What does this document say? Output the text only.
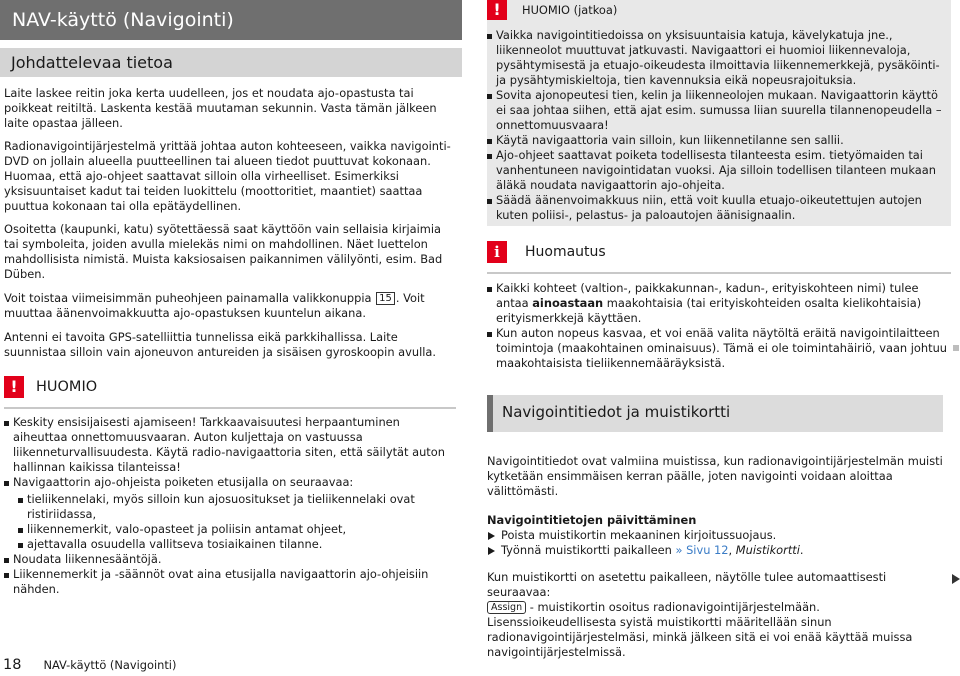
NAV-käyttö (Navigointi)
Johdattelevaa tietoa

Laite laskee reitin joka kerta uudelleen, jos et noudata ajo-opastusta tai poikkeat reitiltä. Laskenta kestää muutaman sekunnin. Vasta tämän jälkeen laite opastaa jälleen.

Radionavigointijärjestelmä yrittää johtaa auton kohteeseen, vaikka navigointi-DVD on jollain alueella puutteellinen tai alueen tiedot puuttuvat kokonaan. Huomaa, että ajo-ohjeet saattavat silloin olla virheelliset. Esimerkiksi yksisuuntaiset kadut tai teiden luokittelu (moottoritiet, maantiet) saattaa puuttua kokonaan tai olla epätäydellinen.

Osoitetta (kaupunki, katu) syötettäessä saat käyttöön vain sellaisia kirjaimia tai symboleita, joiden avulla mielekäs nimi on mahdollinen. Näet luettelon mahdollisista nimistä. Muista kaksiosaisen paikannimen välilyönti, esim. Bad Düben.

Voit toistaa viimeisimmän puheohjeen painamalla valikkonuppia 15 . Voit muuttaa äänenvoimakkuutta ajo-opastuksen kuuntelun aikana.

Antenni ei tavoita GPS-satelliittia tunnelissa eikä parkkihallissa. Laite suunnistaa silloin vain ajoneuvon antureiden ja sisäisen gyroskoopin avulla.

!	HUOMIO
Keskity ensisijaisesti ajamiseen! Tarkkaavaisuutesi herpaantuminen aiheuttaa onnettomuusvaaran. Auton kuljettaja on vastuussa liikenneturvallisuudesta. Käytä radio-navigaattoria siten, että säilytät auton hallinnan kaikissa tilanteissa!
Navigaattorin ajo-ohjeista poiketen etusijalla on seuraavaa:
tieliikennelaki, myös silloin kun ajosuositukset ja tieliikennelaki ovat ristiriidassa,
liikennemerkit, valo-opasteet ja poliisin antamat ohjeet,
ajettavalla osuudella vallitseva tosiaikainen tilanne.
Noudata liikennesääntöjä.
Liikennemerkit ja -säännöt ovat aina etusijalla navigaattorin ajo-ohjeisiin nähden.
!	HUOMIO (jatkoa)
Vaikka navigointitiedoissa on yksisuuntaisia katuja, kävelykatuja jne., liikenneolot muuttuvat jatkuvasti. Navigaattori ei huomioi liikennevaloja, pysähtymisestä ja etuajo-oikeudesta ilmoittavia liikennemerkkejä, pysäköinti- ja pysähtymiskieltoja, tien kavennuksia eikä nopeusrajoituksia.
Sovita ajonopeutesi tien, kelin ja liikenneolojen mukaan. Navigaattorin käyttö ei saa johtaa siihen, että ajat esim. sumussa liian suurella tilannenopeudella – onnettomuusvaara!
Käytä navigaattoria vain silloin, kun liikennetilanne sen sallii.
Ajo-ohjeet saattavat poiketa todellisesta tilanteesta esim. tietyömaiden tai vanhentuneen navigointidatan vuoksi. Aja silloin todellisen tilanteen mukaan äläkä noudata navigaattorin ajo-ohjeita.
Säädä äänenvoimakkuus niin, että voit kuulla etuajo-oikeutettujen autojen kuten poliisi-, pelastus- ja paloautojen äänisignaalin.
i	Huomautus
Kaikki kohteet (valtion-, paikkakunnan-, kadun-, erityiskohteen nimi) tulee antaa ainoastaan maakohtaisia (tai erityiskohteiden osalta kielikohtaisia) erityismerkkejä käyttäen.
Kun auton nopeus kasvaa, et voi enää valita näytöltä eräitä navigointilaitteen toimintoja (maakohtainen ominaisuus). Tämä ei ole toimintahäiriö, vaan johtuu maakohtaisista tieliikennemääräyksistä.
Navigointitiedot ja muistikortti

Navigointitiedot ovat valmiina muistissa, kun radionavigointijärjestelmän muisti kytketään ensimmäisen kerran päälle, joten navigointi voidaan aloittaa välittömästi.

Navigointitietojen päivittäminen
Poista muistikortin mekaaninen kirjoitussuojaus.
Työnnä muistikortti paikalleen » Sivu 12, Muistikortti.

Kun muistikortti on asetettu paikalleen, näytölle tulee automaattisesti seuraavaa:
Assign - muistikortin osoitus radionavigointijärjestelmään. Lisenssioikeudellisesta syistä muistikortti määritellään sinun radionavigointijärjestelmäsi, minkä jälkeen sitä ei voi enää käyttää muissa navigointijärjestelmissä.

18 NAV-käyttö (Navigointi)
